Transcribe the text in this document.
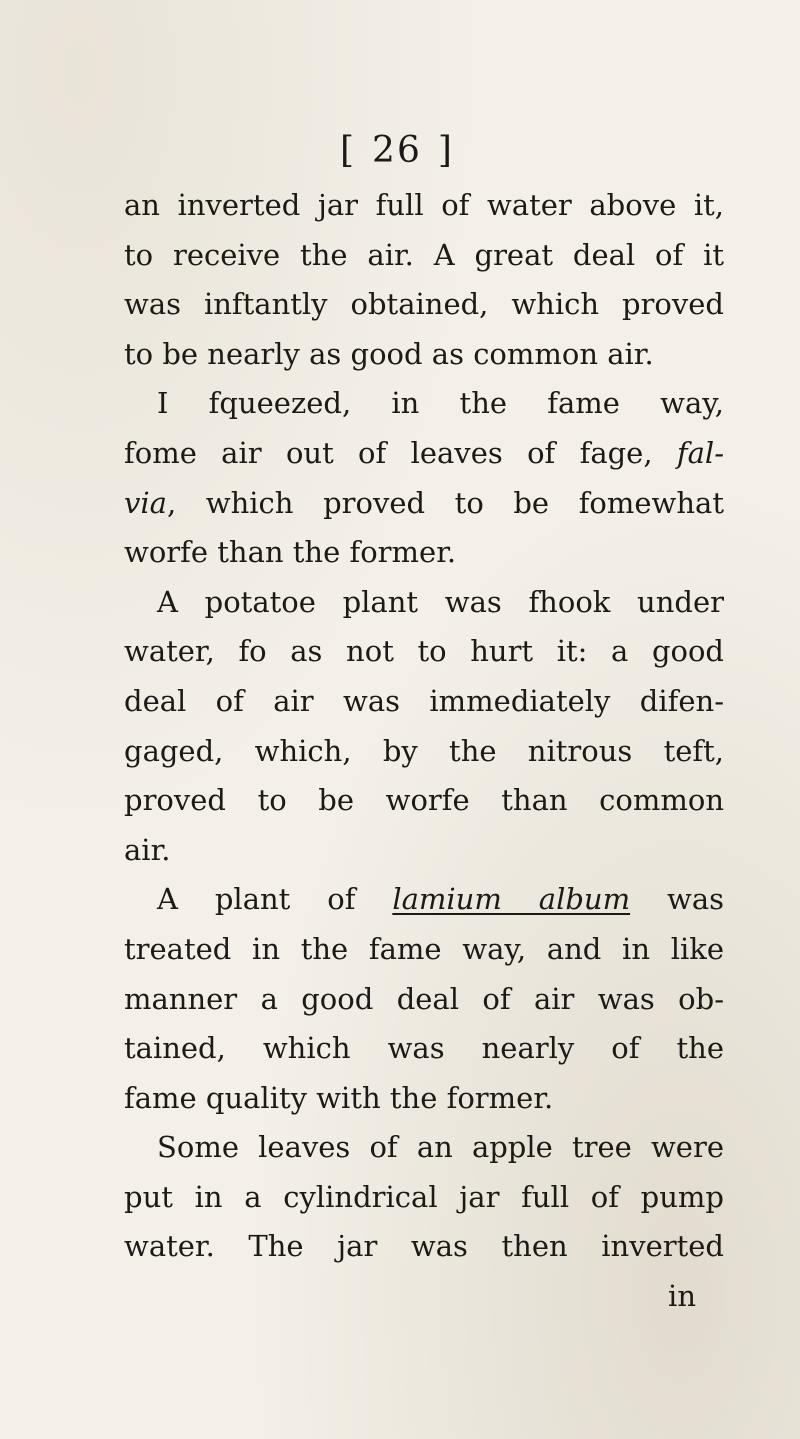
[ 26 ]
an inverted jar full of water above it,
to receive the air. A great deal of it
was inftantly obtained, which proved
to be nearly as good as common air.
I fqueezed, in the fame way,
fome air out of leaves of fage, fal-
via, which proved to be fomewhat
worfe than the former.
A potatoe plant was fhook under
water, fo as not to hurt it: a good
deal of air was immediately difen-
gaged, which, by the nitrous teft,
proved to be worfe than common
air.
A plant of lamium album was
treated in the fame way, and in like
manner a good deal of air was ob-
tained, which was nearly of the
fame quality with the former.
Some leaves of an apple tree were
put in a cylindrical jar full of pump
water. The jar was then inverted
in
